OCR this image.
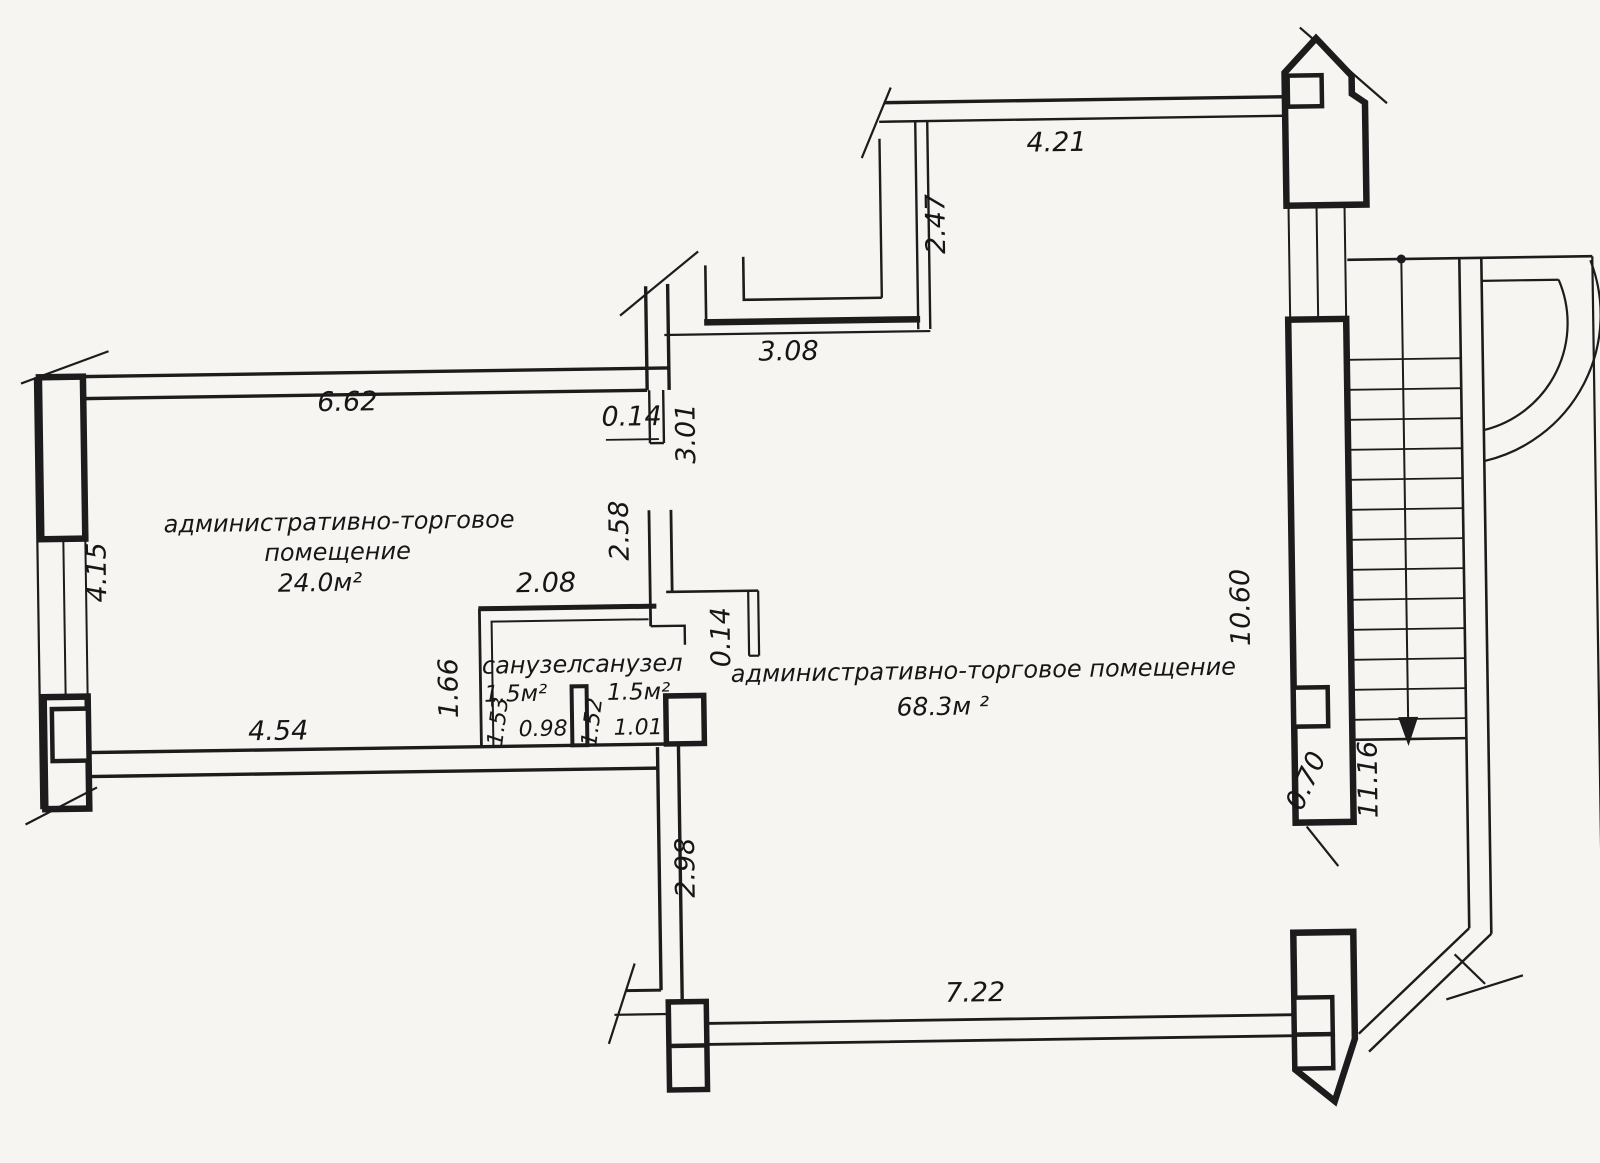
6.62	0.14 3.01
3.08
4.21
2.47
4.15
2.58
2.08
0.14
1.66
1.53 0.98 1.52 1.01
4.54
2.98
7.22
10.60
0.70 11.16
административно-торговое
помещение
24.0м²
административно-торговое помещение
68.3м ²
санузел
1.5м²
санузел
1.5м²
